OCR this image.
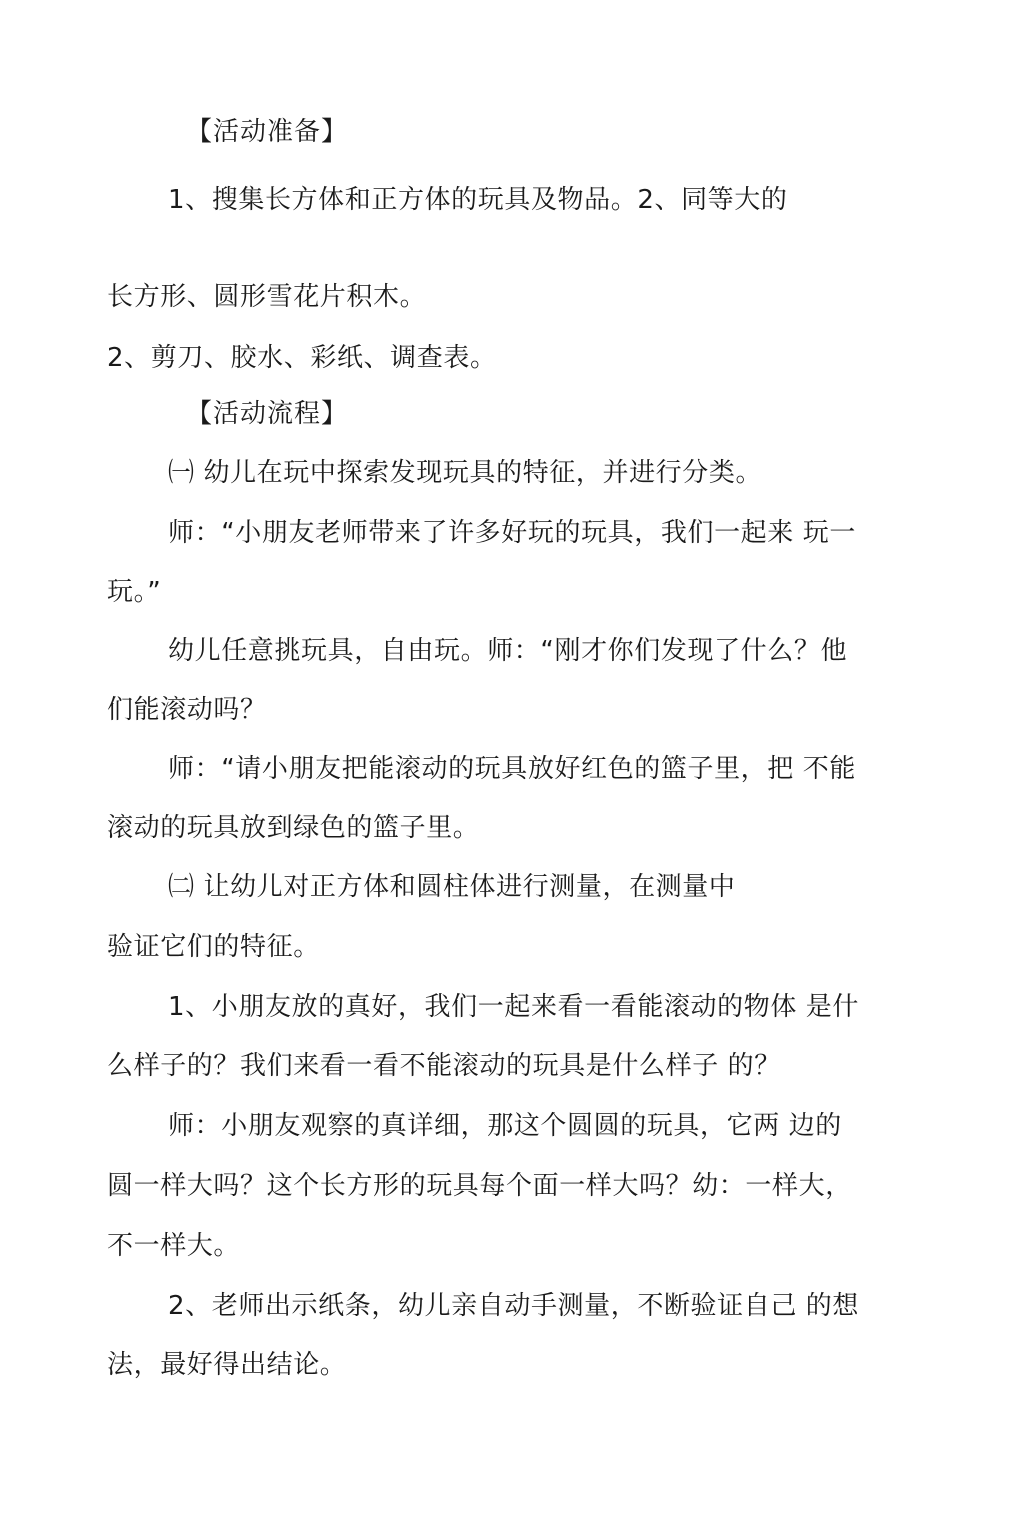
【活动准备】
1、搜集长方体和正方体的玩具及物品。2、同等大的
长方形、圆形雪花片积木。
2、剪刀、胶水、彩纸、调查表。
【活动流程】
㈠ 幼儿在玩中探索发现玩具的特征，并进行分类。
师：“小朋友老师带来了许多好玩的玩具，我们一起来 玩一
玩。”
幼儿任意挑玩具，自由玩。师：“刚才你们发现了什么？他
们能滚动吗？
师：“请小朋友把能滚动的玩具放好红色的篮子里，把 不能
滚动的玩具放到绿色的篮子里。
㈡ 让幼儿对正方体和圆柱体进行测量，在测量中
验证它们的特征。
1、小朋友放的真好，我们一起来看一看能滚动的物体 是什
么样子的？我们来看一看不能滚动的玩具是什么样子 的？
师：小朋友观察的真详细，那这个圆圆的玩具，它两 边的
圆一样大吗？这个长方形的玩具每个面一样大吗？幼：一样大，
不一样大。
2、老师出示纸条，幼儿亲自动手测量，不断验证自己 的想
法，最好得出结论。
